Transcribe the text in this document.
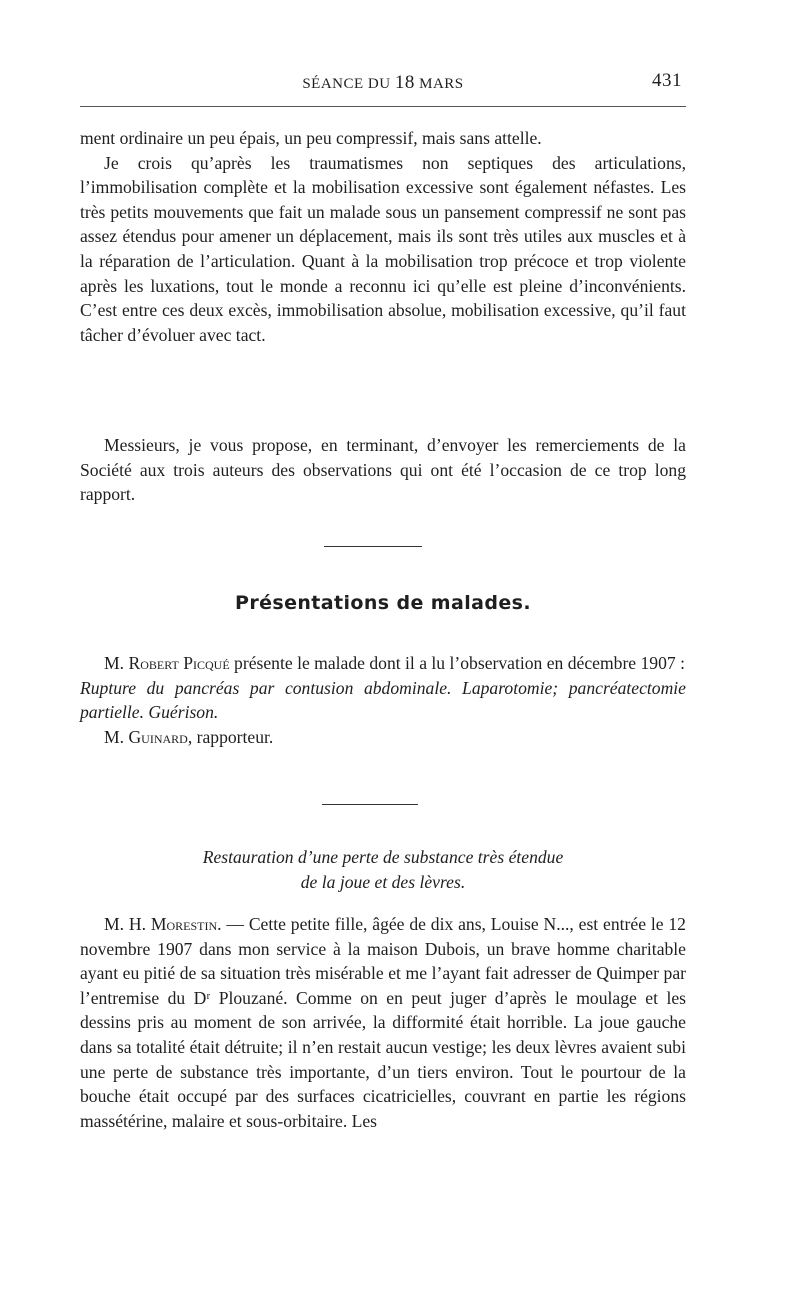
SÉANCE DU 18 MARS	431

ment ordinaire un peu épais, un peu compressif, mais sans attelle.

Je crois qu’après les traumatismes non septiques des articulations, l’immobilisation complète et la mobilisation excessive sont également néfastes. Les très petits mouvements que fait un malade sous un pansement compressif ne sont pas assez étendus pour amener un déplacement, mais ils sont très utiles aux muscles et à la réparation de l’articulation. Quant à la mobilisation trop précoce et trop violente après les luxations, tout le monde a reconnu ici qu’elle est pleine d’inconvénients. C’est entre ces deux excès, immobilisation absolue, mobilisation excessive, qu’il faut tâcher d’évoluer avec tact.

Messieurs, je vous propose, en terminant, d’envoyer les remerciements de la Société aux trois auteurs des observations qui ont été l’occasion de ce trop long rapport.

Présentations de malades.

M. Robert Picqué présente le malade dont il a lu l’observation en décembre 1907 :

Rupture du pancréas par contusion abdominale. Laparotomie; pancréatectomie partielle. Guérison.

M. Guinard, rapporteur.

Restauration d’une perte de substance très étendue

de la joue et des lèvres.

M. H. Morestin. — Cette petite fille, âgée de dix ans, Louise N..., est entrée le 12 novembre 1907 dans mon service à la maison Dubois, un brave homme charitable ayant eu pitié de sa situation très misérable et me l’ayant fait adresser de Quimper par l’entremise du Dʳ Plouzané. Comme on en peut juger d’après le moulage et les dessins pris au moment de son arrivée, la difformité était horrible. La joue gauche dans sa totalité était détruite; il n’en restait aucun vestige; les deux lèvres avaient subi une perte de substance très importante, d’un tiers environ. Tout le pourtour de la bouche était occupé par des surfaces cicatricielles, couvrant en partie les régions massétérine, malaire et sous-orbitaire. Les
